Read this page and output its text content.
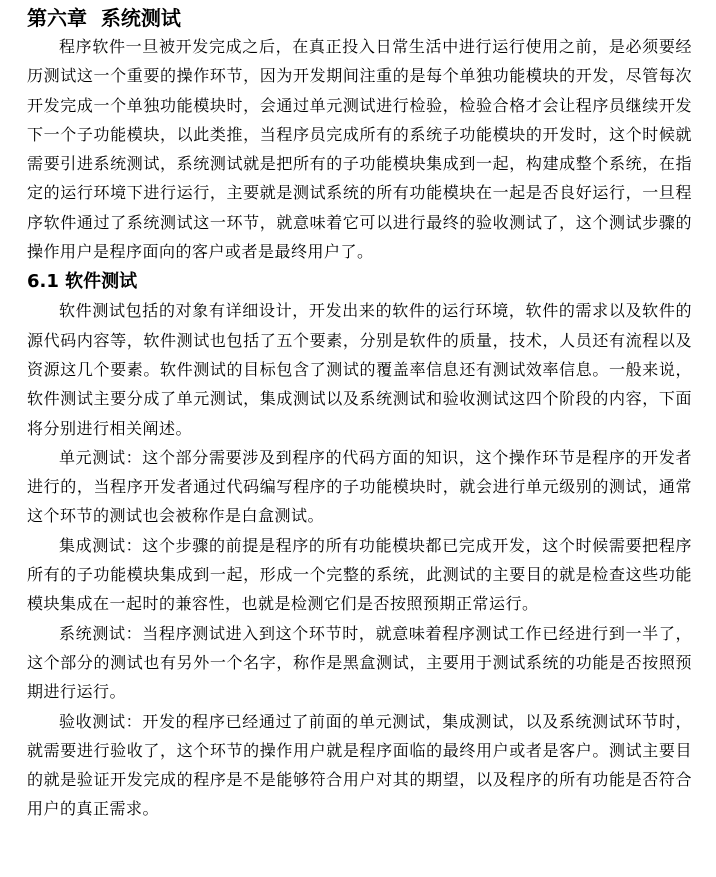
第六章  系统测试

程序软件一旦被开发完成之后，在真正投入日常生活中进行运行使用之前，是必须要经历测试这一个重要的操作环节，因为开发期间注重的是每个单独功能模块的开发，尽管每次开发完成一个单独功能模块时，会通过单元测试进行检验，检验合格才会让程序员继续开发下一个子功能模块，以此类推，当程序员完成所有的系统子功能模块的开发时，这个时候就需要引进系统测试，系统测试就是把所有的子功能模块集成到一起，构建成整个系统，在指定的运行环境下进行运行，主要就是测试系统的所有功能模块在一起是否良好运行，一旦程序软件通过了系统测试这一环节，就意味着它可以进行最终的验收测试了，这个测试步骤的操作用户是程序面向的客户或者是最终用户了。

6.1 软件测试

软件测试包括的对象有详细设计，开发出来的软件的运行环境，软件的需求以及软件的源代码内容等，软件测试也包括了五个要素，分别是软件的质量，技术，人员还有流程以及资源这几个要素。软件测试的目标包含了测试的覆盖率信息还有测试效率信息。一般来说，软件测试主要分成了单元测试，集成测试以及系统测试和验收测试这四个阶段的内容，下面将分别进行相关阐述。

单元测试：这个部分需要涉及到程序的代码方面的知识，这个操作环节是程序的开发者进行的，当程序开发者通过代码编写程序的子功能模块时，就会进行单元级别的测试，通常这个环节的测试也会被称作是白盒测试。

集成测试：这个步骤的前提是程序的所有功能模块都已完成开发，这个时候需要把程序所有的子功能模块集成到一起，形成一个完整的系统，此测试的主要目的就是检查这些功能模块集成在一起时的兼容性，也就是检测它们是否按照预期正常运行。

系统测试：当程序测试进入到这个环节时，就意味着程序测试工作已经进行到一半了，这个部分的测试也有另外一个名字，称作是黑盒测试，主要用于测试系统的功能是否按照预期进行运行。

验收测试：开发的程序已经通过了前面的单元测试，集成测试，以及系统测试环节时，就需要进行验收了，这个环节的操作用户就是程序面临的最终用户或者是客户。测试主要目的就是验证开发完成的程序是不是能够符合用户对其的期望，以及程序的所有功能是否符合用户的真正需求。
